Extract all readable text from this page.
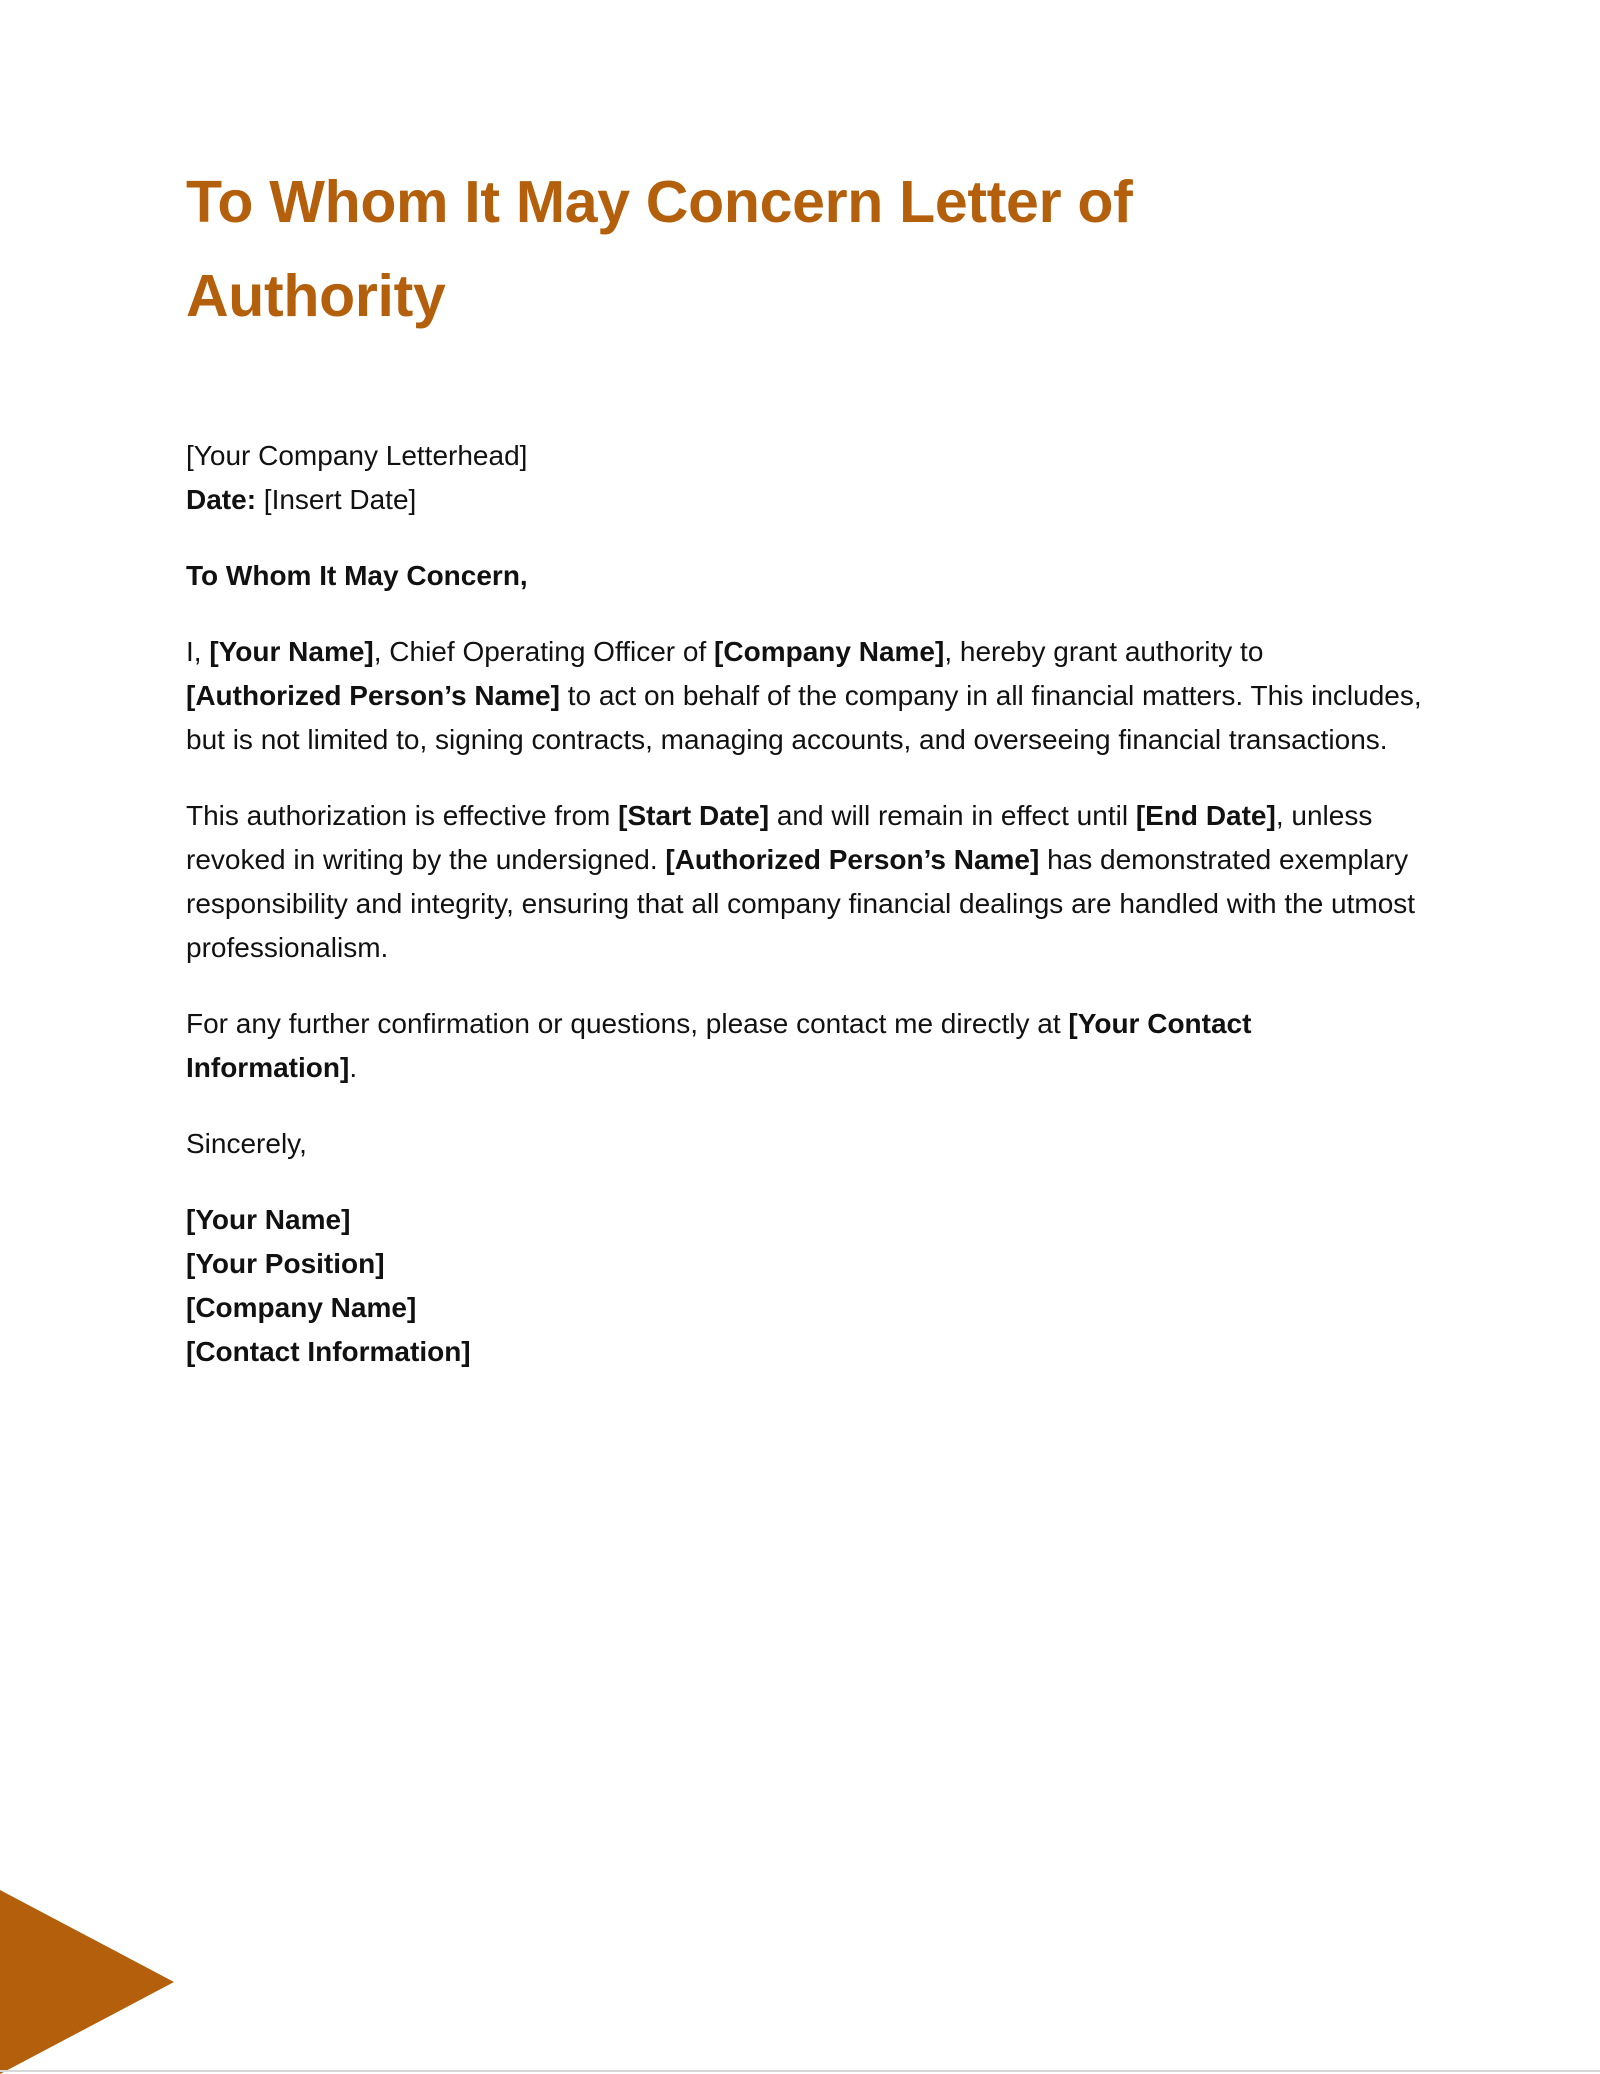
To Whom It May Concern Letter of Authority
[Your Company Letterhead]
Date: [Insert Date]

To Whom It May Concern,

I, [Your Name], Chief Operating Officer of [Company Name], hereby grant authority to [Authorized Person’s Name] to act on behalf of the company in all financial matters. This includes, but is not limited to, signing contracts, managing accounts, and overseeing financial transactions.

This authorization is effective from [Start Date] and will remain in effect until [End Date], unless revoked in writing by the undersigned. [Authorized Person’s Name] has demonstrated exemplary responsibility and integrity, ensuring that all company financial dealings are handled with the utmost professionalism.

For any further confirmation or questions, please contact me directly at [Your Contact Information].

Sincerely,

[Your Name]
[Your Position]
[Company Name]
[Contact Information]
